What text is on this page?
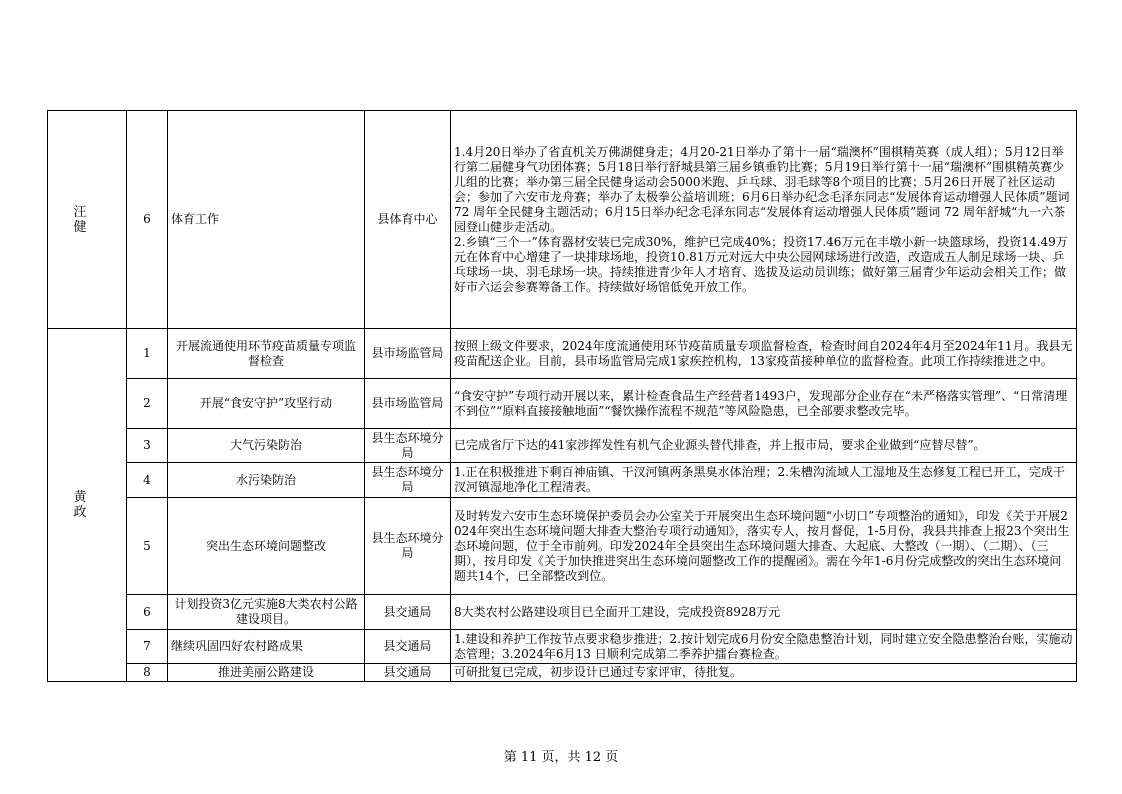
汪　健	6	体育工作	县体育中心	1.4月20日举办了省直机关万佛湖健身走；4月20-21日举办了第十一届“瑞澳杯”围棋精英赛（成人组）；5月12日举行第二届健身气功团体赛；5月18日举行舒城县第三届乡镇垂钓比赛；5月19日举行第十一届“瑞澳杯”围棋精英赛少儿组的比赛；举办第三届全民健身运动会5000米跑、乒乓球、羽毛球等8个项目的比赛；5月26日开展了社区运动会；参加了六安市龙舟赛；举办了太极拳公益培训班；6月6日举办纪念毛泽东同志“发展体育运动增强人民体质”题词 72 周年全民健身主题活动；6月15日举办纪念毛泽东同志“发展体育运动增强人民体质”题词 72 周年舒城“九一六茶园登山健步走活动。
2.乡镇“三个一”体育器材安装已完成30%，维护已完成40%；投资17.46万元在丰墩小新一块篮球场，投资14.49万元在体育中心增建了一块排球场地，投资10.81万元对远大中央公园网球场进行改造，改造成五人制足球场一块、乒乓球场一块、羽毛球场一块。持续推进青少年人才培育、选拔及运动员训练；做好第三届青少年运动会相关工作；做好市六运会参赛筹备工作。持续做好场馆低免开放工作。
黄　政	1	开展流通使用环节疫苗质量专项监督检查	县市场监管局	按照上级文件要求，2024年度流通使用环节疫苗质量专项监督检查，检查时间自2024年4月至2024年11月。我县无疫苗配送企业。目前，县市场监管局完成1家疾控机构，13家疫苗接种单位的监督检查。此项工作持续推进之中。
	2	开展“食安守护”攻坚行动	县市场监管局	“食安守护”专项行动开展以来，累计检查食品生产经营者1493户，发现部分企业存在“未严格落实管理”、“日常清理不到位”“原料直接接触地面”“餐饮操作流程不规范”等风险隐患，已全部要求整改完毕。
	3	大气污染防治	县生态环境分局	已完成省厅下达的41家涉挥发性有机气企业源头替代排查，并上报市局，要求企业做到“应替尽替”。
	4	水污染防治	县生态环境分局	1.正在积极推进下剩百神庙镇、干汊河镇两条黑臭水体治理；2.朱槽沟流域人工湿地及生态修复工程已开工，完成干汊河镇湿地净化工程清表。
	5	突出生态环境问题整改	县生态环境分局	及时转发六安市生态环境保护委员会办公室关于开展突出生态环境问题“小切口”专项整治的通知》，印发《关于开展2024年突出生态环境问题大排查大整治专项行动通知》，落实专人，按月督促，1-5月份，我县共排查上报23个突出生态环境问题，位于全市前列。印发2024年全县突出生态环境问题大排查、大起底、大整改（一期）、（二期）、（三期），按月印发《关于加快推进突出生态环境问题整改工作的提醒函》。需在今年1-6月份完成整改的突出生态环境问题共14个，已全部整改到位。
	6	计划投资3亿元实施8大类农村公路建设项目。	县交通局	8大类农村公路建设项目已全面开工建设，完成投资8928万元
	7	继续巩固四好农村路成果	县交通局	1.建设和养护工作按节点要求稳步推进；2.按计划完成6月份安全隐患整治计划，同时建立安全隐患整治台账，实施动态管理；3.2024年6月13 日顺利完成第二季养护擂台赛检查。
	8	推进美丽公路建设	县交通局	可研批复已完成，初步设计已通过专家评审，待批复。
第 11 页，共 12 页
